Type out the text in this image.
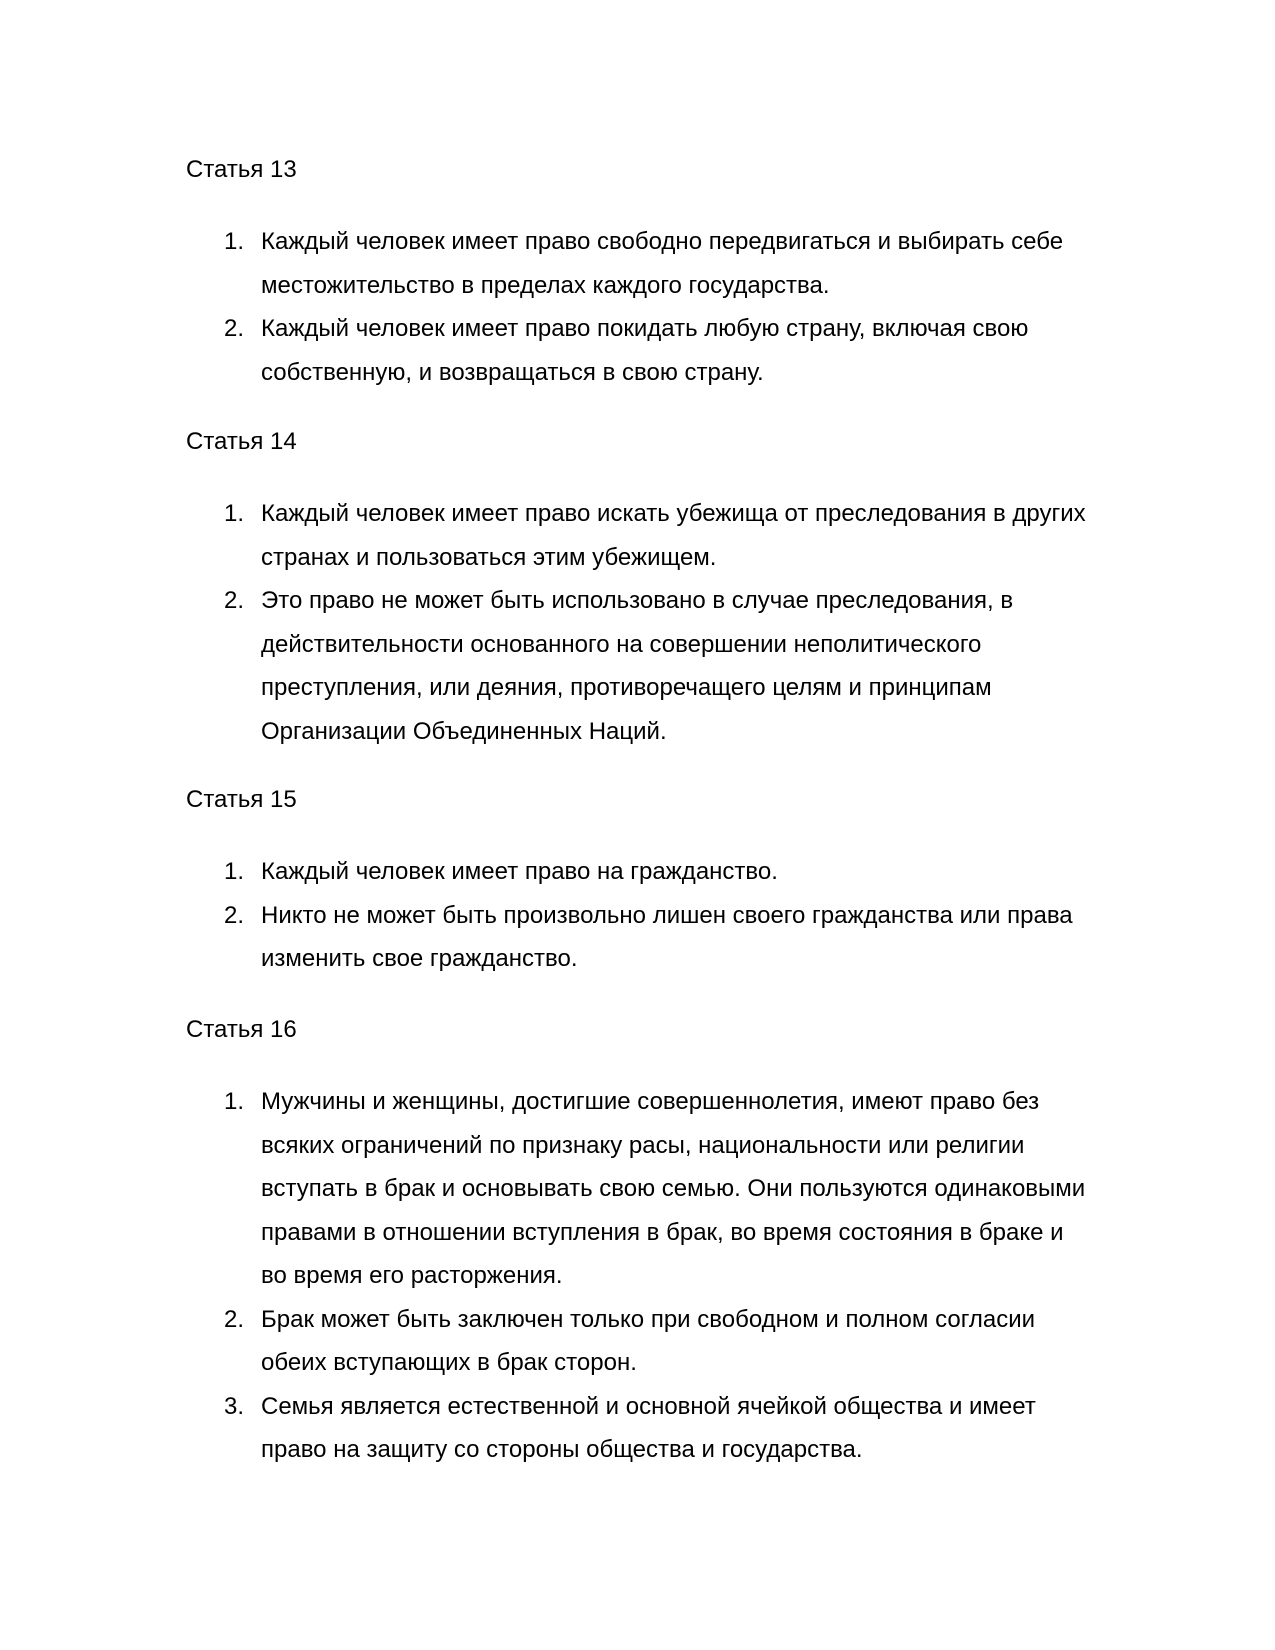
Статья 13
1. Каждый человек имеет право свободно передвигаться и выбирать себе местожительство в пределах каждого государства.
2. Каждый человек имеет право покидать любую страну, включая свою собственную, и возвращаться в свою страну.
Статья 14
1. Каждый человек имеет право искать убежища от преследования в других странах и пользоваться этим убежищем.
2. Это право не может быть использовано в случае преследования, в действительности основанного на совершении неполитического преступления, или деяния, противоречащего целям и принципам Организации Объединенных Наций.
Статья 15
1. Каждый человек имеет право на гражданство.
2. Никто не может быть произвольно лишен своего гражданства или права изменить свое гражданство.
Статья 16
1. Мужчины и женщины, достигшие совершеннолетия, имеют право без всяких ограничений по признаку расы, национальности или религии вступать в брак и основывать свою семью. Они пользуются одинаковыми правами в отношении вступления в брак, во время состояния в браке и во время его расторжения.
2. Брак может быть заключен только при свободном и полном согласии обеих вступающих в брак сторон.
3. Семья является естественной и основной ячейкой общества и имеет право на защиту со стороны общества и государства.
